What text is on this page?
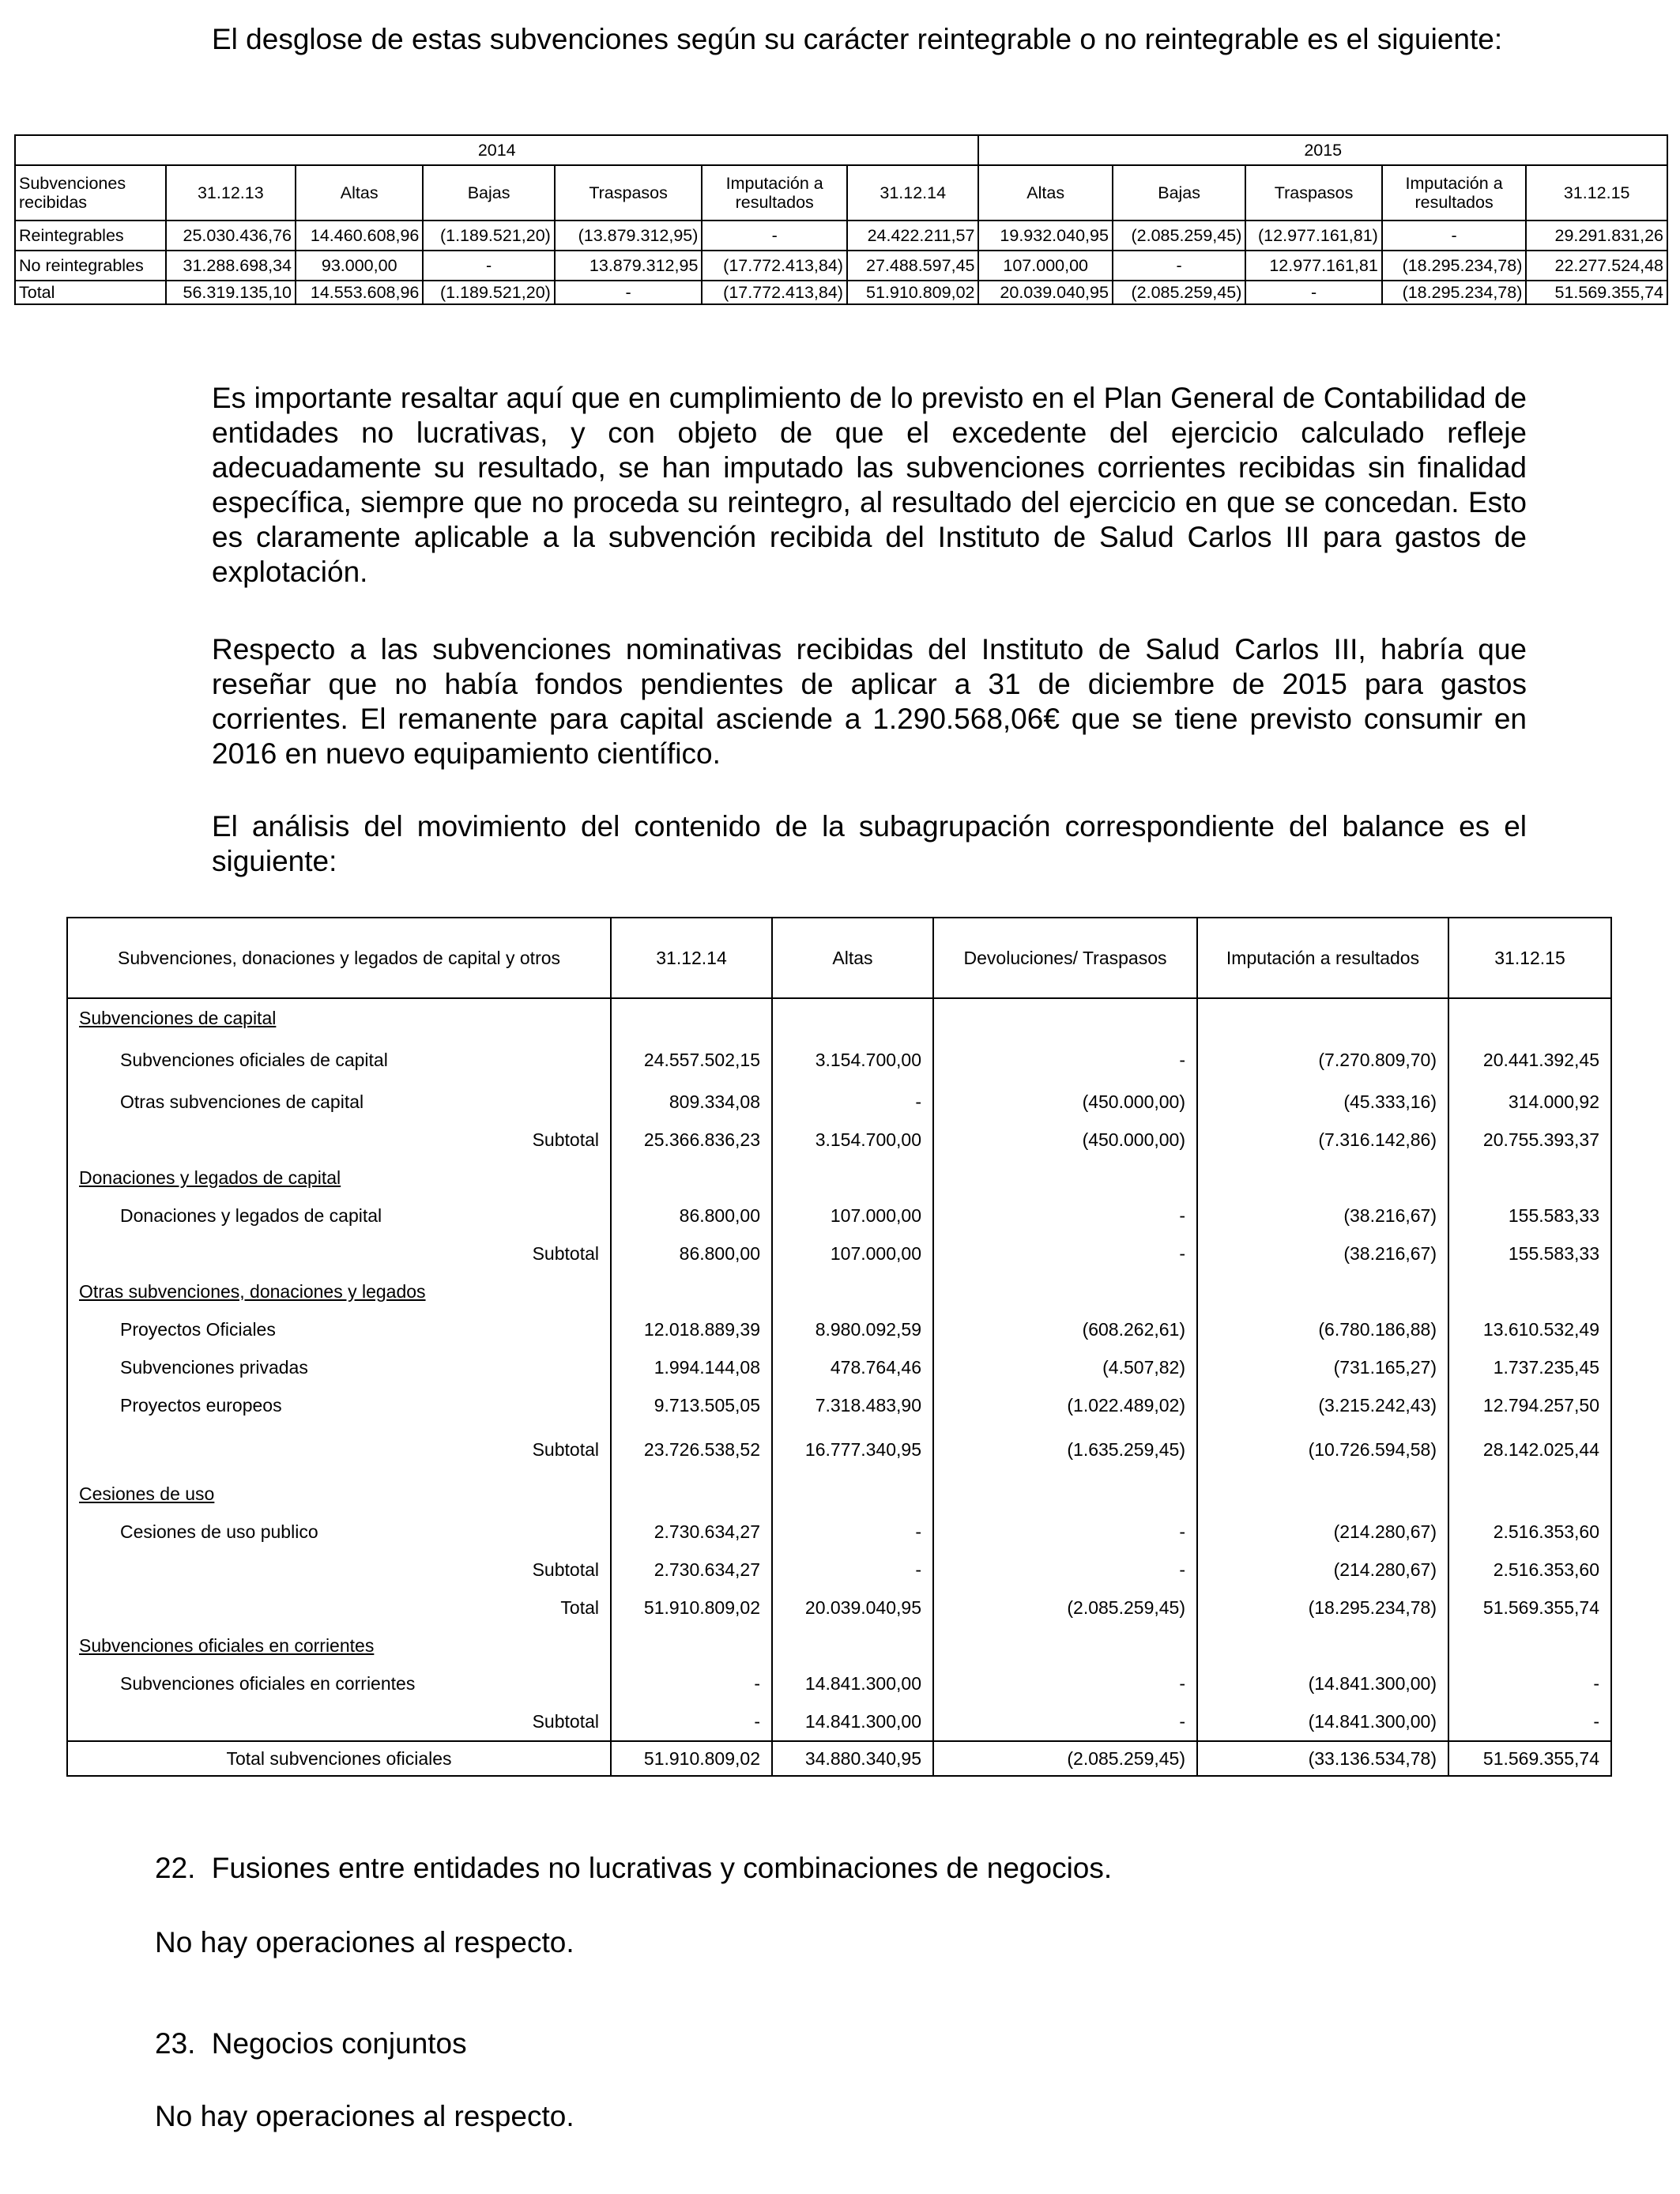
El desglose de estas subvenciones según su carácter reintegrable o no reintegrable es el siguiente:

2014							2015				
Subvenciones recibidas	31.12.13	Altas	Bajas	Traspasos	Imputación a resultados	31.12.14	Altas	Bajas	Traspasos	Imputación a resultados	31.12.15
Reintegrables	25.030.436,76	14.460.608,96	(1.189.521,20)	(13.879.312,95)	-	24.422.211,57	19.932.040,95	(2.085.259,45)	(12.977.161,81)	-	29.291.831,26
No reintegrables	31.288.698,34	93.000,00	-	13.879.312,95	(17.772.413,84)	27.488.597,45	107.000,00	-	12.977.161,81	(18.295.234,78)	22.277.524,48
Total	56.319.135,10	14.553.608,96	(1.189.521,20)	-	(17.772.413,84)	51.910.809,02	20.039.040,95	(2.085.259,45)	-	(18.295.234,78)	51.569.355,74

Es importante resaltar aquí que en cumplimiento de lo previsto en el Plan General de Contabilidad de entidades no lucrativas, y con objeto de que el excedente del ejercicio calculado refleje adecuadamente su resultado, se han imputado las subvenciones corrientes recibidas sin finalidad específica, siempre que no proceda su reintegro, al resultado del ejercicio en que se concedan. Esto es claramente aplicable a la subvención recibida del Instituto de Salud Carlos III para gastos de explotación.

Respecto a las subvenciones nominativas recibidas del Instituto de Salud Carlos III, habría que reseñar que no había fondos pendientes de aplicar a 31 de diciembre de 2015 para gastos corrientes. El remanente para capital asciende a 1.290.568,06€ que se tiene previsto consumir en 2016 en nuevo equipamiento científico.

El análisis del movimiento del contenido de la subagrupación correspondiente del balance es el siguiente:

Subvenciones, donaciones y legados de capital y otros	31.12.14	Altas	Devoluciones/ Traspasos	Imputación a resultados	31.12.15
Subvenciones de capital					
Subvenciones oficiales de capital	24.557.502,15	3.154.700,00	-	(7.270.809,70)	20.441.392,45
Otras subvenciones de capital	809.334,08	-	(450.000,00)	(45.333,16)	314.000,92
Subtotal	25.366.836,23	3.154.700,00	(450.000,00)	(7.316.142,86)	20.755.393,37
Donaciones y legados de capital					
Donaciones y legados de capital	86.800,00	107.000,00	-	(38.216,67)	155.583,33
Subtotal	86.800,00	107.000,00	-	(38.216,67)	155.583,33
Otras subvenciones, donaciones y legados					
Proyectos Oficiales	12.018.889,39	8.980.092,59	(608.262,61)	(6.780.186,88)	13.610.532,49
Subvenciones privadas	1.994.144,08	478.764,46	(4.507,82)	(731.165,27)	1.737.235,45
Proyectos europeos	9.713.505,05	7.318.483,90	(1.022.489,02)	(3.215.242,43)	12.794.257,50
Subtotal	23.726.538,52	16.777.340,95	(1.635.259,45)	(10.726.594,58)	28.142.025,44
Cesiones de uso					
Cesiones de uso publico	2.730.634,27	-	-	(214.280,67)	2.516.353,60
Subtotal	2.730.634,27	-	-	(214.280,67)	2.516.353,60
Total	51.910.809,02	20.039.040,95	(2.085.259,45)	(18.295.234,78)	51.569.355,74
Subvenciones oficiales en corrientes					
Subvenciones oficiales en corrientes	-	14.841.300,00	-	(14.841.300,00)	-
Subtotal	-	14.841.300,00	-	(14.841.300,00)	-
Total subvenciones oficiales	51.910.809,02	34.880.340,95	(2.085.259,45)	(33.136.534,78)	51.569.355,74
22. Fusiones entre entidades no lucrativas y combinaciones de negocios.
No hay operaciones al respecto.
23. Negocios conjuntos
No hay operaciones al respecto.
